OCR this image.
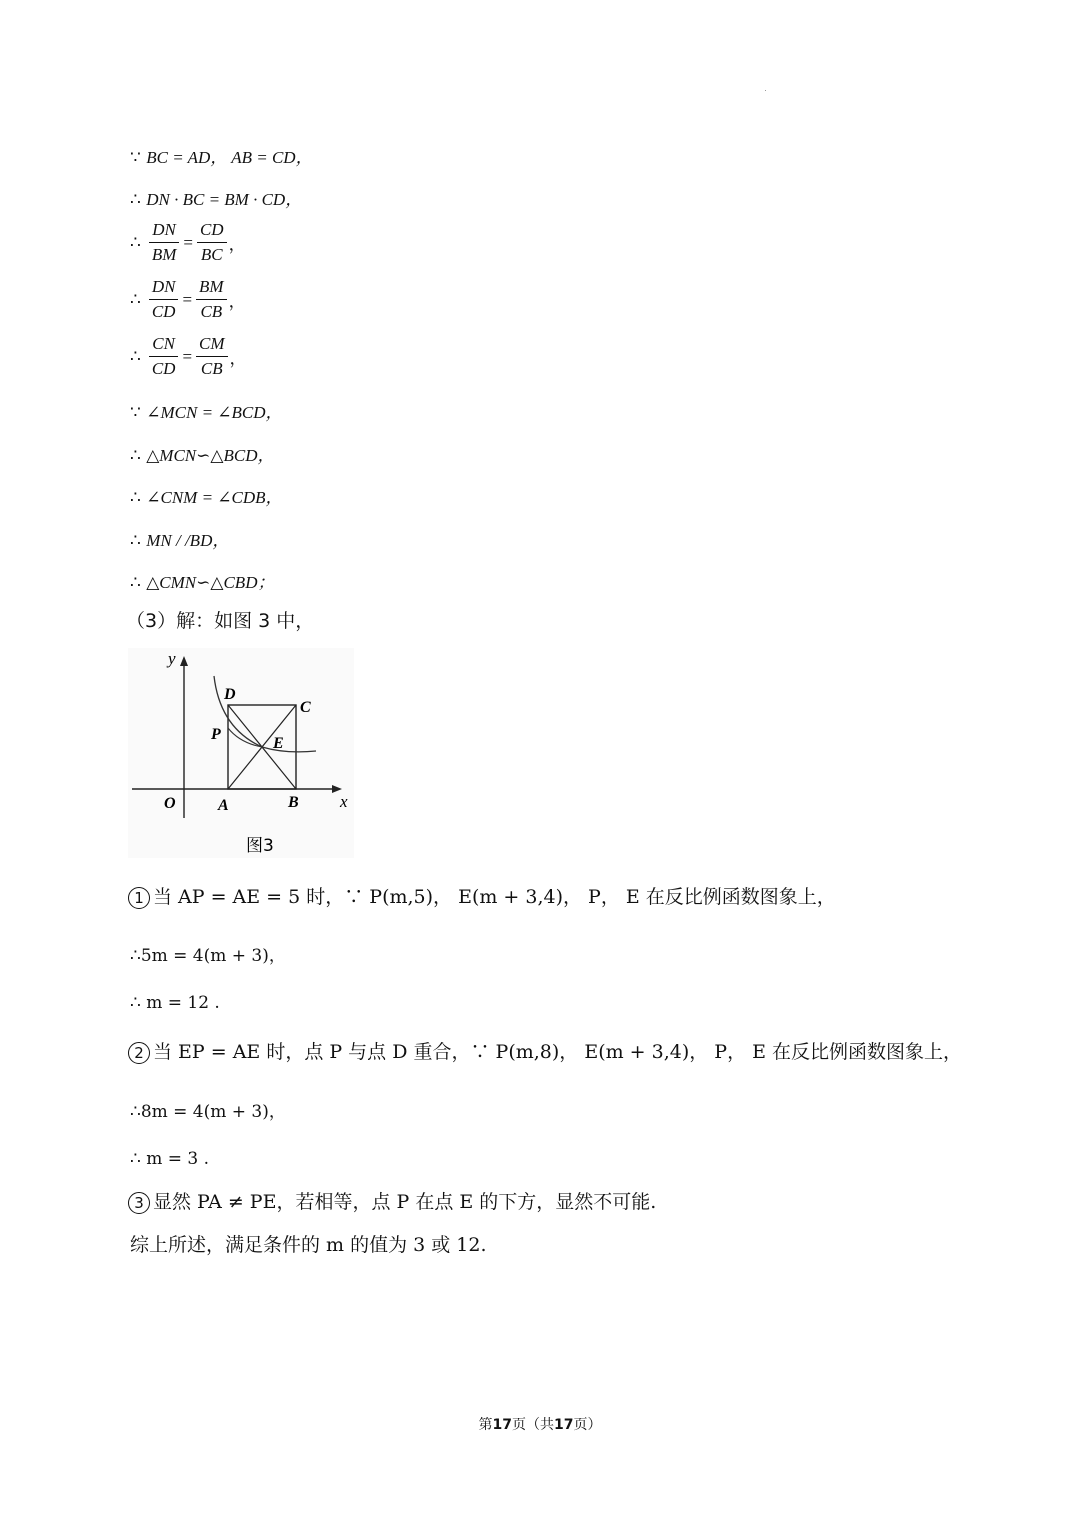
∵ BC = AD， AB = CD，
∴ DN · BC = BM · CD，
∴ $\frac{DN}{BM} = \frac{CD}{BC}$ ，
∴ $\frac{DN}{CD} = \frac{BM}{CB}$ ，
∴ $\frac{CN}{CD} = \frac{CM}{CB}$ ，
∵ ∠MCN = ∠BCD，
∴ △MCN∽△BCD，
∴ ∠CNM = ∠CDB，
∴ MN / /BD，
∴ △CMN∽△CBD；
（3）解：如图 3 中，
y
x
O	A	B
C
D
P
E
图3
1 当 AP = AE = 5 时，∵ P(m,5)， E(m + 3,4)， P， E 在反比例函数图象上，
∴5m = 4(m + 3)，
∴ m = 12 .
2 当 EP = AE 时，点 P 与点 D 重合，∵ P(m,8)， E(m + 3,4)， P， E 在反比例函数图象上，
∴8m = 4(m + 3)，
∴ m = 3 .
3 显然 PA ≠ PE，若相等，点 P 在点 E 的下方，显然不可能.
综上所述，满足条件的 m 的值为 3 或 12.
第17页（共17页）
